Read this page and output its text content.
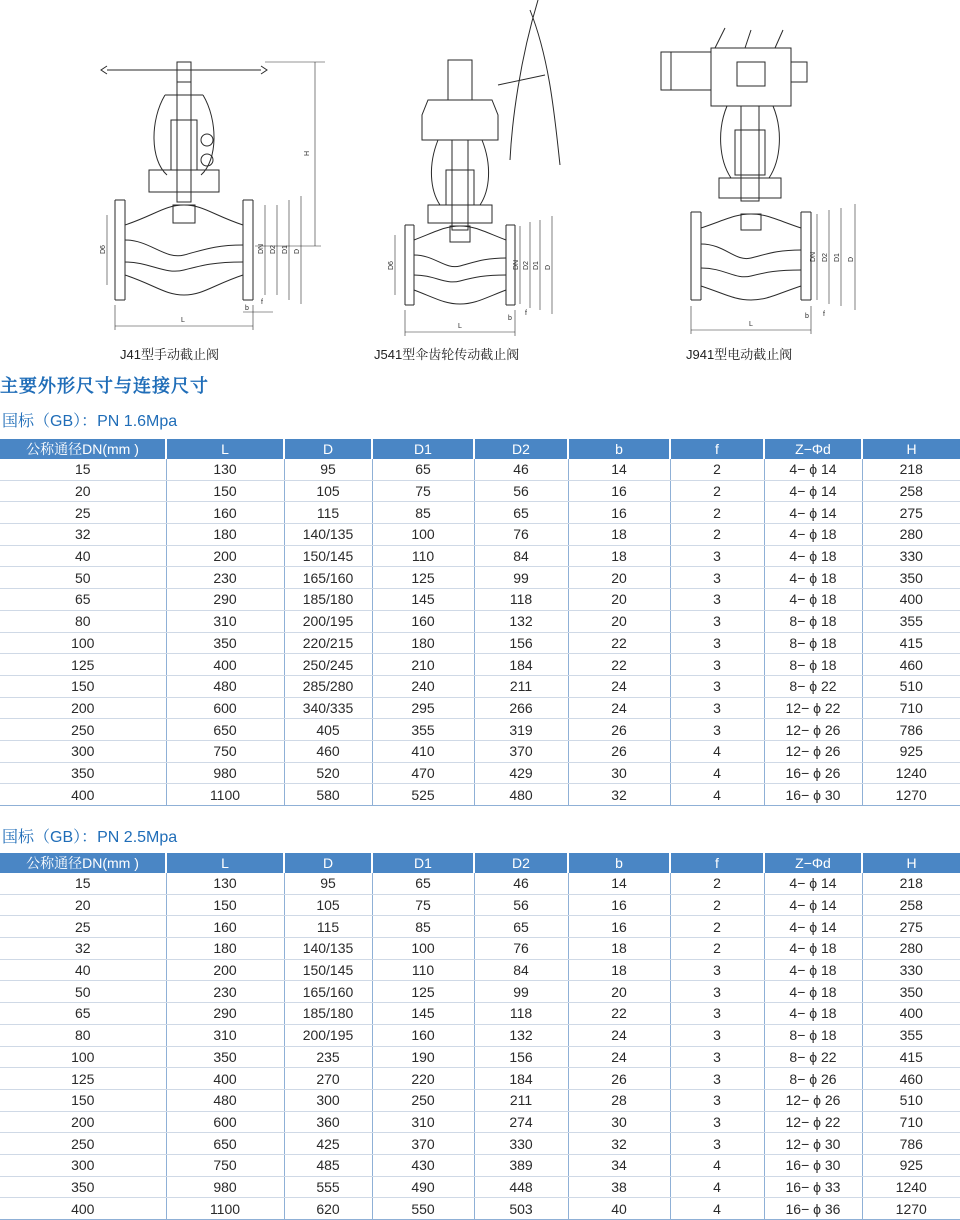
H
L
DN D2 D1 D
D6
b
f
J41型手动截止阀
L
DN D2 D1 D
D6
b
f
J541型伞齿轮传动截止阀
L
DN D2 D1 D
b f
J941型电动截止阀
主要外形尺寸与连接尺寸
国标（GB）：PN 1.6Mpa
公称通径DN(mm )	L	D	D1	D2	b	f	Z−Φd	H
15	130	95	65	46	14	2	4− ϕ 14	218
20	150	105	75	56	16	2	4− ϕ 14	258
25	160	115	85	65	16	2	4− ϕ 14	275
32	180	140/135	100	76	18	2	4− ϕ 18	280
40	200	150/145	110	84	18	3	4− ϕ 18	330
50	230	165/160	125	99	20	3	4− ϕ 18	350
65	290	185/180	145	118	20	3	4− ϕ 18	400
80	310	200/195	160	132	20	3	8− ϕ 18	355
100	350	220/215	180	156	22	3	8− ϕ 18	415
125	400	250/245	210	184	22	3	8− ϕ 18	460
150	480	285/280	240	211	24	3	8− ϕ 22	510
200	600	340/335	295	266	24	3	12− ϕ 22	710
250	650	405	355	319	26	3	12− ϕ 26	786
300	750	460	410	370	26	4	12− ϕ 26	925
350	980	520	470	429	30	4	16− ϕ 26	1240
400	1100	580	525	480	32	4	16− ϕ 30	1270
国标（GB）：PN 2.5Mpa
公称通径DN(mm )	L	D	D1	D2	b	f	Z−Φd	H
15	130	95	65	46	14	2	4− ϕ 14	218
20	150	105	75	56	16	2	4− ϕ 14	258
25	160	115	85	65	16	2	4− ϕ 14	275
32	180	140/135	100	76	18	2	4− ϕ 18	280
40	200	150/145	110	84	18	3	4− ϕ 18	330
50	230	165/160	125	99	20	3	4− ϕ 18	350
65	290	185/180	145	118	22	3	4− ϕ 18	400
80	310	200/195	160	132	24	3	8− ϕ 18	355
100	350	235	190	156	24	3	8− ϕ 22	415
125	400	270	220	184	26	3	8− ϕ 26	460
150	480	300	250	211	28	3	12− ϕ 26	510
200	600	360	310	274	30	3	12− ϕ 22	710
250	650	425	370	330	32	3	12− ϕ 30	786
300	750	485	430	389	34	4	16− ϕ 30	925
350	980	555	490	448	38	4	16− ϕ 33	1240
400	1100	620	550	503	40	4	16− ϕ 36	1270
